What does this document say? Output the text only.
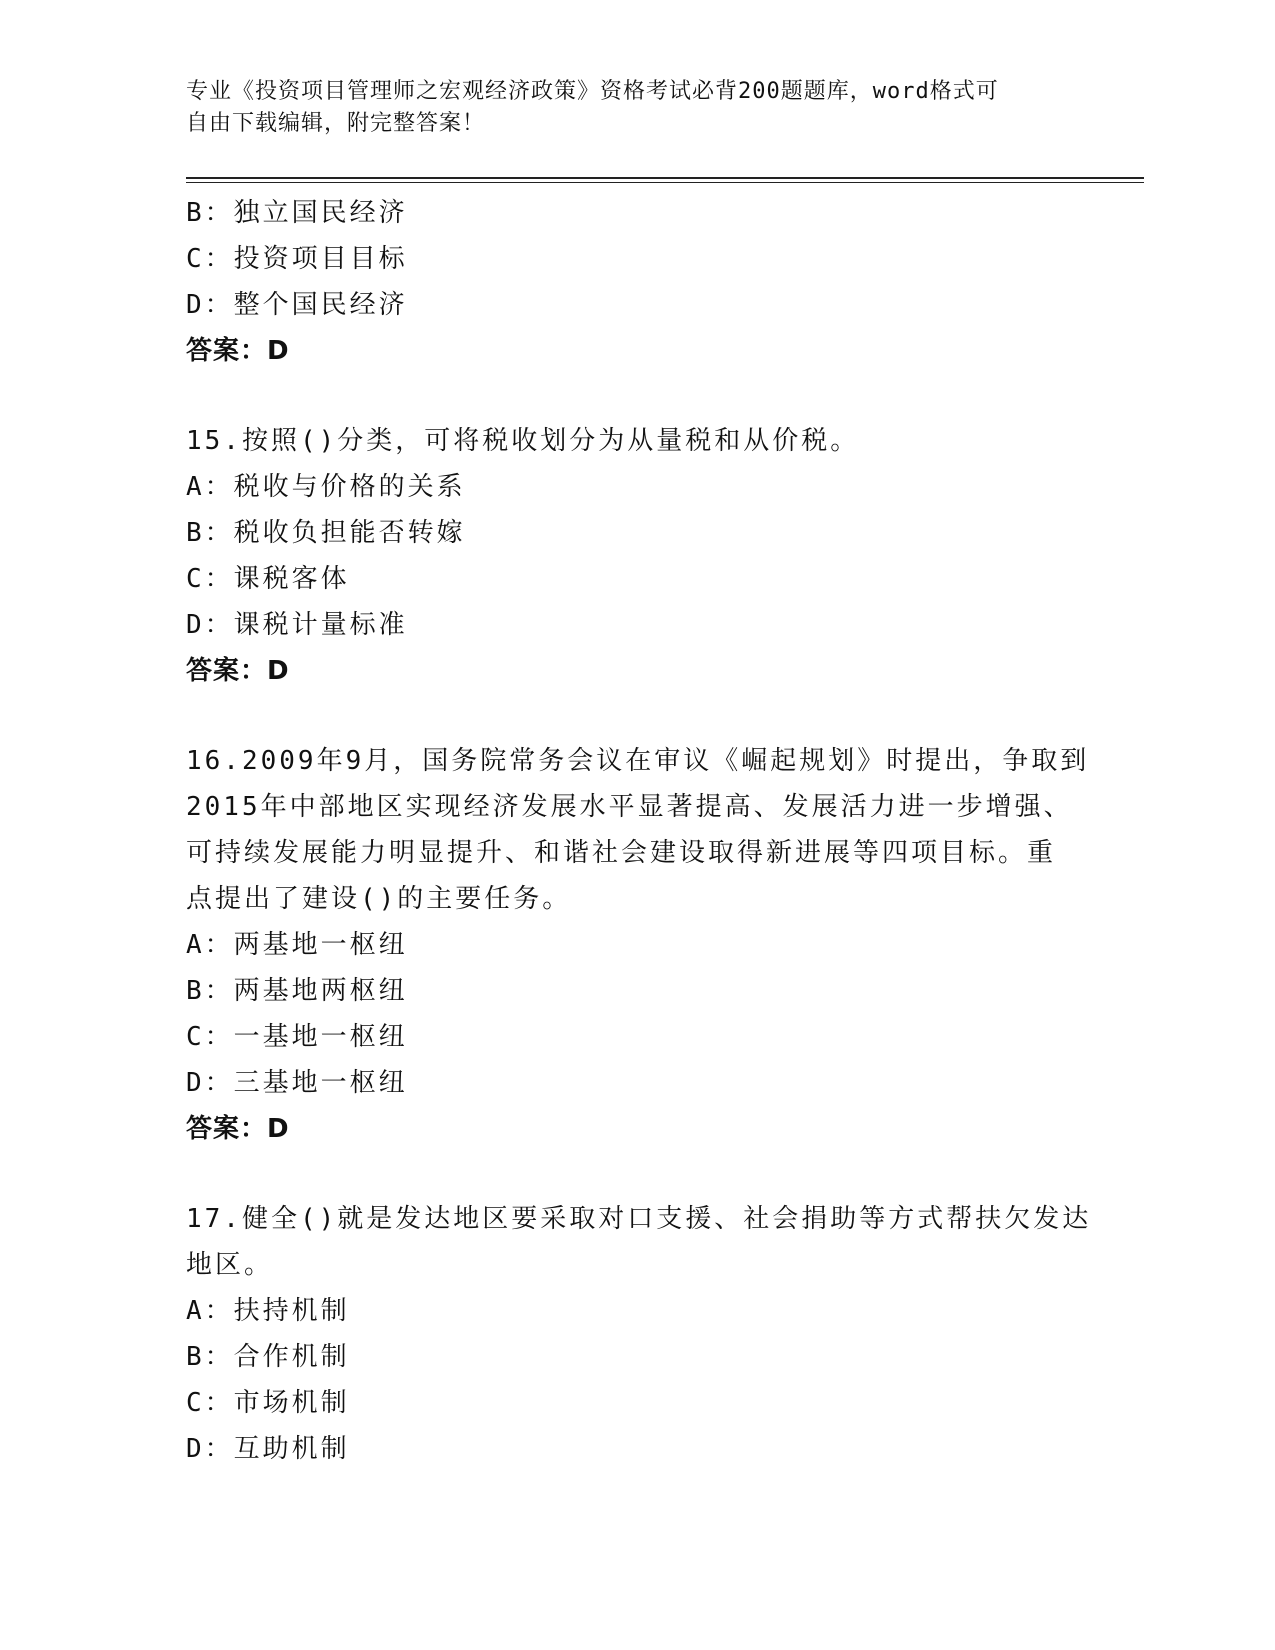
专业《投资项目管理师之宏观经济政策》资格考试必背200题题库，word格式可
自由下载编辑，附完整答案！
B：独立国民经济
C：投资项目目标
D：整个国民经济
答案：D
15.按照()分类，可将税收划分为从量税和从价税。
A：税收与价格的关系
B：税收负担能否转嫁
C：课税客体
D：课税计量标准
答案：D
16.2009年9月，国务院常务会议在审议《崛起规划》时提出，争取到
2015年中部地区实现经济发展水平显著提高、发展活力进一步增强、
可持续发展能力明显提升、和谐社会建设取得新进展等四项目标。重
点提出了建设()的主要任务。
A：两基地一枢纽
B：两基地两枢纽
C：一基地一枢纽
D：三基地一枢纽
答案：D
17.健全()就是发达地区要采取对口支援、社会捐助等方式帮扶欠发达
地区。
A：扶持机制
B：合作机制
C：市场机制
D：互助机制
